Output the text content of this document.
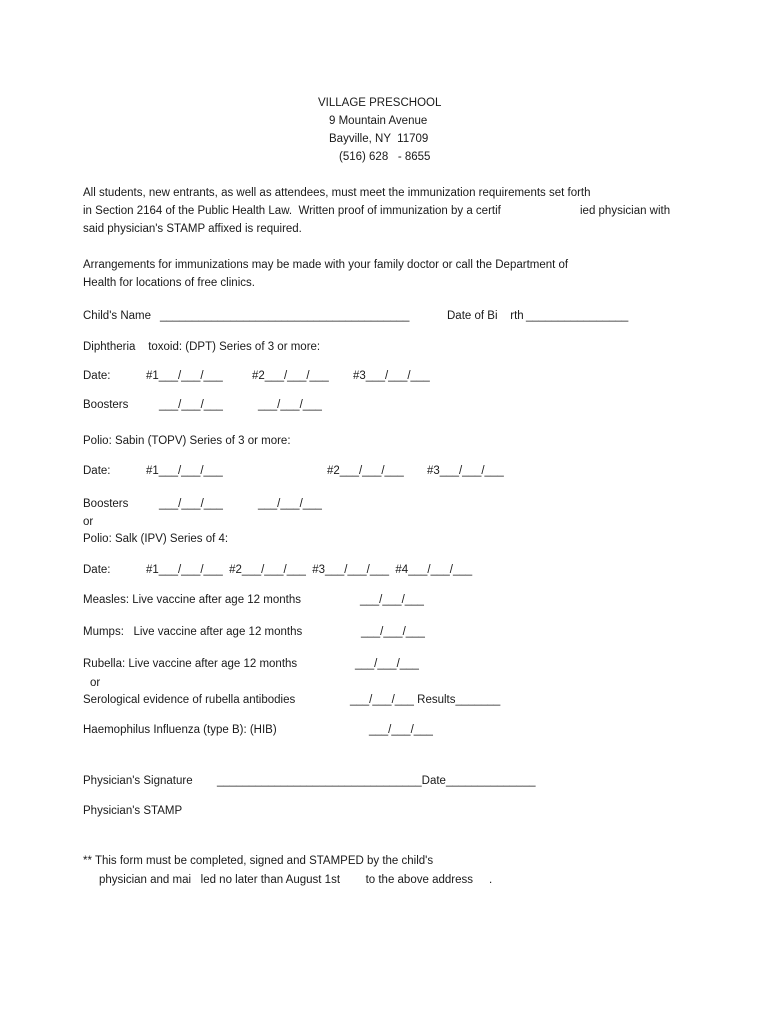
VILLAGE PRESCHOOL
9 Mountain Avenue
Bayville, NY  11709
(516) 628   - 8655
All students, new entrants, as well as attendees, must meet the immunization requirements set forth
in Section 2164 of the Public Health Law.  Written proof of immunization by a certif	ied physician with
said physician's STAMP affixed is required.
Arrangements for immunizations may be made with your family doctor or call the Department of
Health for locations of free clinics.
Child's Name _______________________________________	Date of Bi    rth ________________
Diphtheria    toxoid: (DPT) Series of 3 or more:
Date:	#1___/___/___	#2___/___/___ #3___/___/___
Boosters	___/___/___	___/___/___
Polio: Sabin (TOPV) Series of 3 or more:
Date:	#1___/___/___	#2___/___/___ #3___/___/___
Boosters	___/___/___	___/___/___
or
Polio: Salk (IPV) Series of 4:
Date:	#1___/___/___  #2___/___/___  #3___/___/___  #4___/___/___
Measles: Live vaccine after age 12 months	___/___/___
Mumps:   Live vaccine after age 12 months	___/___/___
Rubella: Live vaccine after age 12 months	___/___/___
or
Serological evidence of rubella antibodies	___/___/___ Results_______
Haemophilus Influenza (type B): (HIB)	___/___/___
Physician's Signature ________________________________Date______________
Physician's STAMP
** This form must be completed, signed and STAMPED by the child's
physician and mai   led no later than August 1st        to the above address     .
